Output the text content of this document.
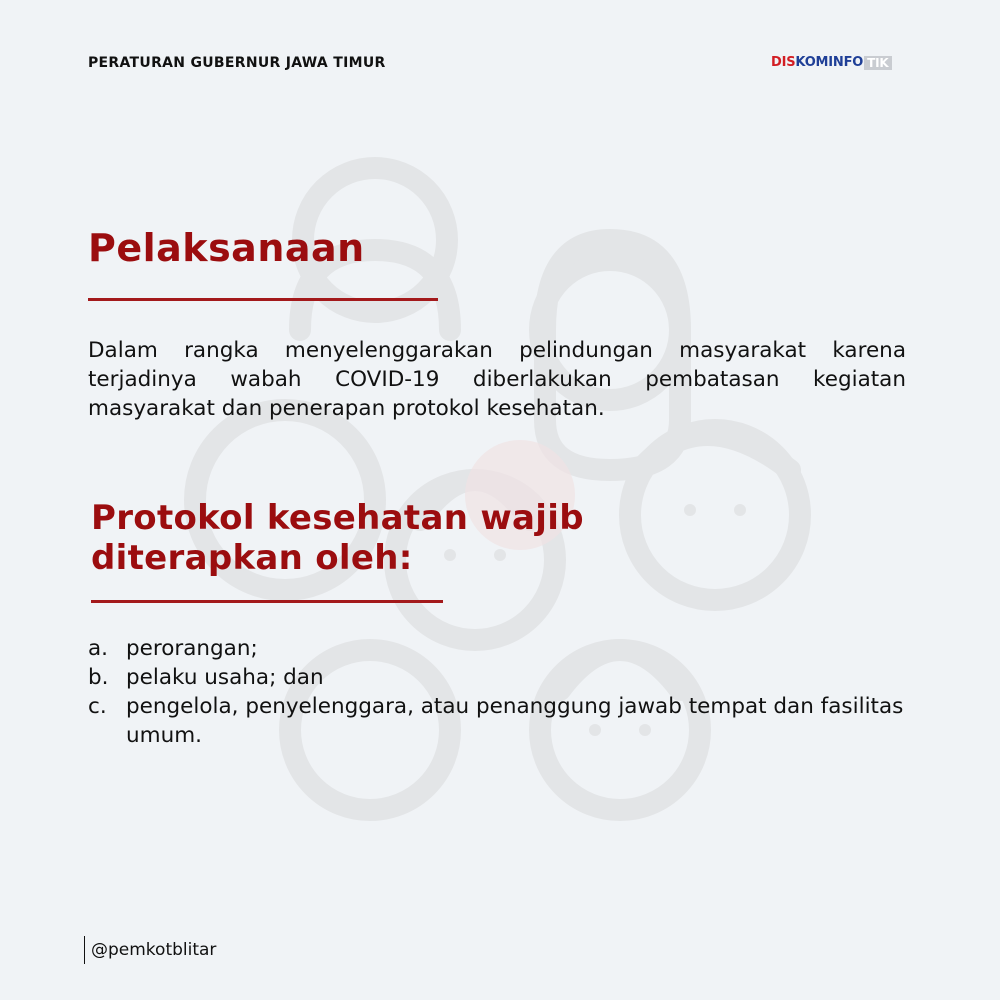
PERATURAN GUBERNUR JAWA TIMUR	DIS KOMINFO TIK
Pelaksanaan

Dalam rangka menyelenggarakan pelindungan masyarakat karena terjadinya wabah COVID-19 diberlakukan pembatasan kegiatan masyarakat dan penerapan protokol kesehatan.

Protokol kesehatan wajib diterapkan oleh:
a. perorangan;
b. pelaku usaha; dan
c. pengelola, penyelenggara, atau penanggung jawab tempat dan fasilitas umum.
@pemkotblitar
